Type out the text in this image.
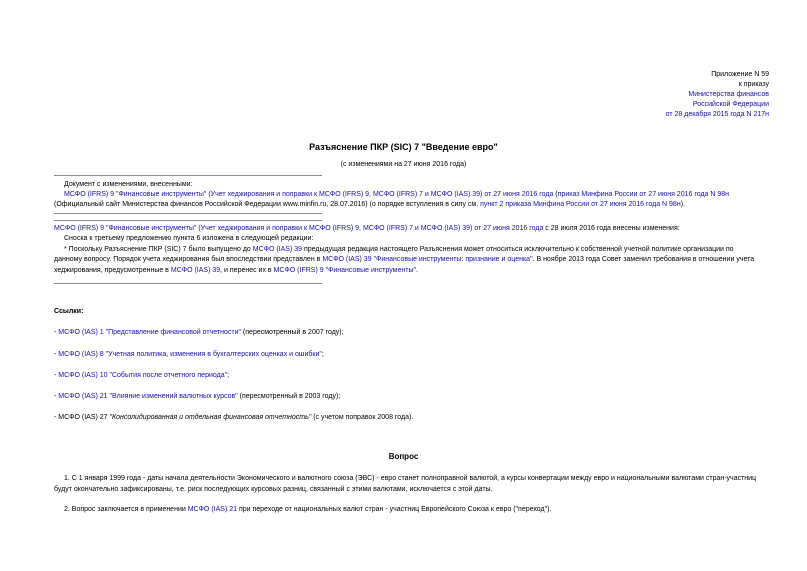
Приложение N 59
к приказу
Министерства финансов
Российской Федерации
от 28 декабря 2015 года N 217н
Разъяснение ПКР (SIC) 7 "Введение евро"
(с изменениями на 27 июня 2016 года)
Документ с изменениями, внесенными:
МСФО (IFRS) 9 "Финансовые инструменты" (Учет хеджирования и поправки к МСФО (IFRS) 9, МСФО (IFRS) 7 и МСФО (IAS) 39) от 27 июня 2016 года (приказ Минфина России от 27 июня 2016 года N 98н
(Официальный сайт Министерства финансов Российской Федерации www.minfin.ru, 28.07.2016) (о порядке вступления в силу см. пункт 2 приказа Минфина России от 27 июня 2016 года N 98н).
МСФО (IFRS) 9 "Финансовые инструменты" (Учет хеджирования и поправки к МСФО (IFRS) 9, МСФО (IFRS) 7 и МСФО (IAS) 39) от 27 июня 2016 года с 28 июля 2016 года внесены изменения:
Сноска к третьему предложению пункта 6 изложена в следующей редакции:
* Поскольку Разъяснение ПКР (SIC) 7 было выпущено до МСФО (IAS) 39 предыдущая редакция настоящего Разъяснения может относиться исключительно к собственной учетной политике организации по
данному вопросу. Порядок учета хеджирования был впоследствии представлен в МСФО (IAS) 39 "Финансовые инструменты: признание и оценка". В ноябре 2013 года Совет заменил требования в отношении учета
хеджирования, предусмотренные в МСФО (IAS) 39, и перенес их в МСФО (IFRS) 9 "Финансовые инструменты".
Ссылки:
- МСФО (IAS) 1 "Представление финансовой отчетности" (пересмотренный в 2007 году);
- МСФО (IAS) 8 "Учетная политика, изменения в бухгалтерских оценках и ошибки";
- МСФО (IAS) 10 "События после отчетного периода";
- МСФО (IAS) 21 "Влияние изменений валютных курсов" (пересмотренный в 2003 году);
- МСФО (IAS) 27 "Консолидированная и отдельная финансовая отчетность" (с учетом поправок 2008 года).
Вопрос
1. С 1 января 1999 года - даты начала деятельности Экономического и валютного союза (ЭВС) - евро станет полноправной валютой, а курсы конвертации между евро и национальными валютами стран-участниц
будут окончательно зафиксированы, т.е. риск последующих курсовых разниц, связанный с этими валютами, исключается с этой даты.
2. Вопрос заключается в применении МСФО (IAS) 21 при переходе от национальных валют стран - участниц Европейского Союза к евро ("переход").
